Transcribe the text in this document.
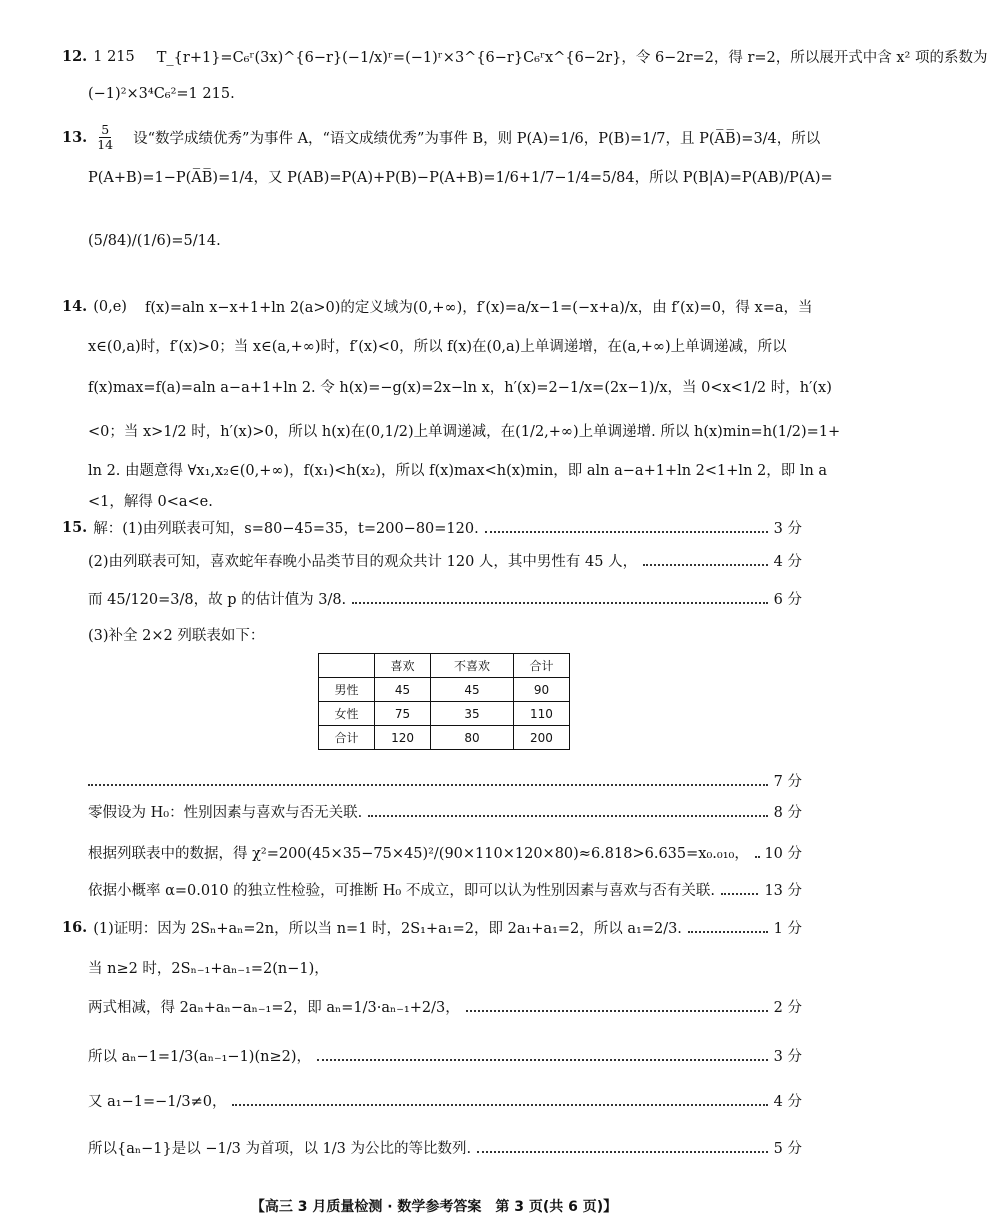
12. 1 215 T_{r+1}=C₆ʳ(3x)^{6−r}(−1/x)ʳ=(−1)ʳ×3^{6−r}C₆ʳx^{6−2r}，令 6−2r=2，得 r=2，所以展开式中含 x² 项的系数为
(−1)²×3⁴C₆²=1 215.
13. $\frac{5}{14}$ 设“数学成绩优秀”为事件 A，“语文成绩优秀”为事件 B，则 P(A)=1/6，P(B)=1/7，且 P(A̅B̅)=3/4，所以
P(A+B)=1−P(A̅B̅)=1/4，又 P(AB)=P(A)+P(B)−P(A+B)=1/6+1/7−1/4=5/84，所以 P(B|A)=P(AB)/P(A)=
(5/84)/(1/6)=5/14.
14. (0,e) f(x)=aln x−x+1+ln 2(a>0)的定义域为(0,+∞)，f′(x)=a/x−1=(−x+a)/x，由 f′(x)=0，得 x=a，当
x∈(0,a)时，f′(x)>0；当 x∈(a,+∞)时，f′(x)<0，所以 f(x)在(0,a)上单调递增，在(a,+∞)上单调递减，所以
f(x)max=f(a)=aln a−a+1+ln 2. 令 h(x)=−g(x)=2x−ln x，h′(x)=2−1/x=(2x−1)/x，当 0<x<1/2 时，h′(x)
<0；当 x>1/2 时，h′(x)>0，所以 h(x)在(0,1/2)上单调递减，在(1/2,+∞)上单调递增. 所以 h(x)min=h(1/2)=1+
ln 2. 由题意得 ∀x₁,x₂∈(0,+∞)，f(x₁)<h(x₂)，所以 f(x)max<h(x)min，即 aln a−a+1+ln 2<1+ln 2，即 ln a
<1，解得 0<a<e.
15. 解：(1)由列联表可知，s=80−45=35，t=200−80=120.	3 分
(2)由列联表可知，喜欢蛇年春晚小品类节目的观众共计 120 人，其中男性有 45 人，	4 分
而 45/120=3/8，故 p 的估计值为 3/8.	6 分
(3)补全 2×2 列联表如下：
	喜欢	不喜欢	合计
男性	45	45	90
女性	75	35	110
合计	120	80	200
7 分
零假设为 H₀：性别因素与喜欢与否无关联.	8 分
根据列联表中的数据，得 χ²=200(45×35−75×45)²/(90×110×120×80)≈6.818>6.635=x₀.₀₁₀， 10 分
依据小概率 α=0.010 的独立性检验，可推断 H₀ 不成立，即可以认为性别因素与喜欢与否有关联.	13 分
16. (1)证明：因为 2Sₙ+aₙ=2n，所以当 n=1 时，2S₁+a₁=2，即 2a₁+a₁=2，所以 a₁=2/3.	1 分
当 n≥2 时，2Sₙ₋₁+aₙ₋₁=2(n−1)，
两式相减，得 2aₙ+aₙ−aₙ₋₁=2，即 aₙ=1/3·aₙ₋₁+2/3，	2 分
所以 aₙ−1=1/3(aₙ₋₁−1)(n≥2)，	3 分
又 a₁−1=−1/3≠0，	4 分
所以{aₙ−1}是以 −1/3 为首项，以 1/3 为公比的等比数列.	5 分
【高三 3 月质量检测 · 数学参考答案　第 3 页(共 6 页)】
